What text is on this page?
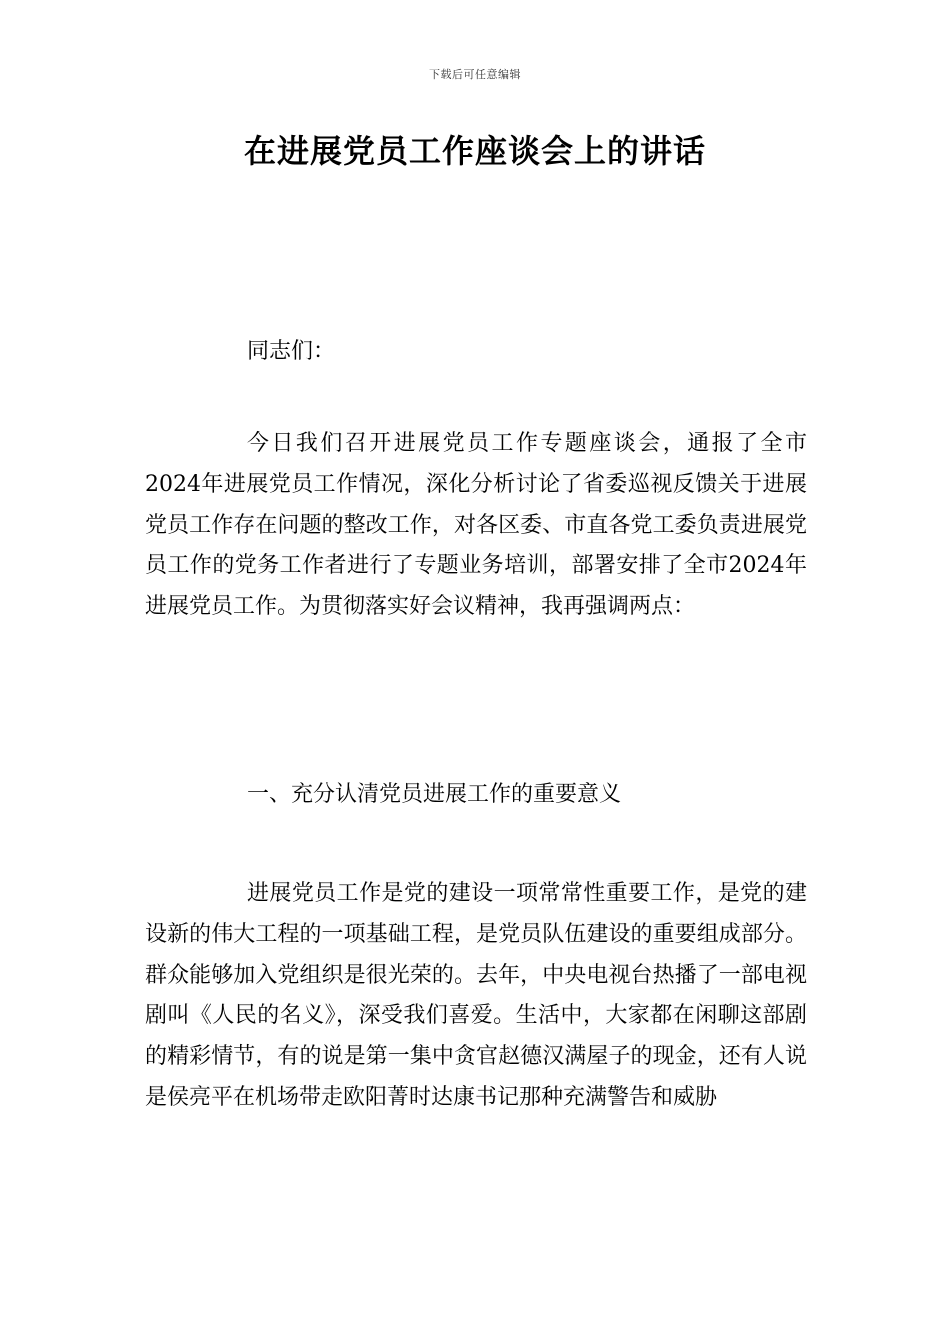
下载后可任意编辑
在进展党员工作座谈会上的讲话

同志们：

今日我们召开进展党员工作专题座谈会，通报了全市2024年进展党员工作情况，深化分析讨论了省委巡视反馈关于进展党员工作存在问题的整改工作，对各区委、市直各党工委负责进展党员工作的党务工作者进行了专题业务培训，部署安排了全市2024年进展党员工作。为贯彻落实好会议精神，我再强调两点：

一、充分认清党员进展工作的重要意义

进展党员工作是党的建设一项常常性重要工作，是党的建设新的伟大工程的一项基础工程，是党员队伍建设的重要组成部分。群众能够加入党组织是很光荣的。去年，中央电视台热播了一部电视剧叫《人民的名义》，深受我们喜爱。生活中，大家都在闲聊这部剧的精彩情节，有的说是第一集中贪官赵德汉满屋子的现金，还有人说是侯亮平在机场带走欧阳菁时达康书记那种充满警告和威胁
